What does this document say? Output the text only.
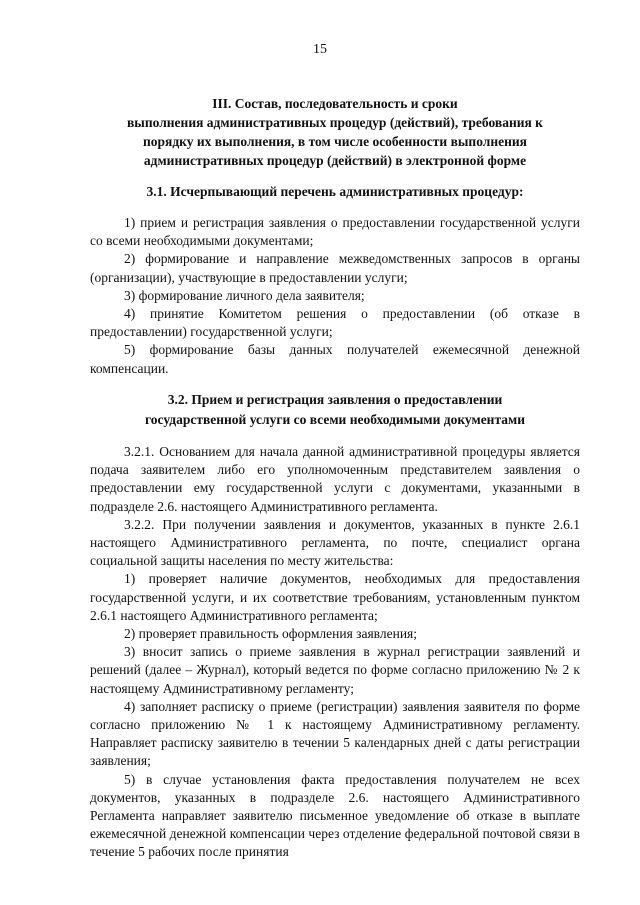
15
III. Состав, последовательность и сроки
выполнения административных процедур (действий), требования к
порядку их выполнения, в том числе особенности выполнения
административных процедур (действий) в электронной форме
3.1. Исчерпывающий перечень административных процедур:

1) прием и регистрация заявления о предоставлении государственной услуги со всеми необходимыми документами;

2) формирование и направление межведомственных запросов в органы (организации), участвующие в предоставлении услуги;

3) формирование личного дела заявителя;

4) принятие Комитетом решения о предоставлении (об отказе в предоставлении) государственной услуги;

5) формирование базы данных получателей ежемесячной денежной компенсации.

3.2. Прием и регистрация заявления о предоставлении
государственной услуги со всеми необходимыми документами

3.2.1. Основанием для начала данной административной процедуры является подача заявителем либо его уполномоченным представителем заявления о предоставлении ему государственной услуги с документами, указанными в подразделе 2.6. настоящего Административного регламента.

3.2.2. При получении заявления и документов, указанных в пункте 2.6.1 настоящего Административного регламента, по почте, специалист органа социальной защиты населения по месту жительства:

1) проверяет наличие документов, необходимых для предоставления государственной услуги, и их соответствие требованиям, установленным пунктом 2.6.1 настоящего Административного регламента;

2) проверяет правильность оформления заявления;

3) вносит запись о приеме заявления в журнал регистрации заявлений и решений (далее – Журнал), который ведется по форме согласно приложению № 2 к настоящему Административному регламенту;

4) заполняет расписку о приеме (регистрации) заявления заявителя по форме согласно приложению № 1 к настоящему Административному регламенту. Направляет расписку заявителю в течении 5 календарных дней с даты регистрации заявления;

5) в случае установления факта предоставления получателем не всех документов, указанных в подразделе 2.6. настоящего Административного Регламента направляет заявителю письменное уведомление об отказе в выплате ежемесячной денежной компенсации через отделение федеральной почтовой связи в течение 5 рабочих после принятия
